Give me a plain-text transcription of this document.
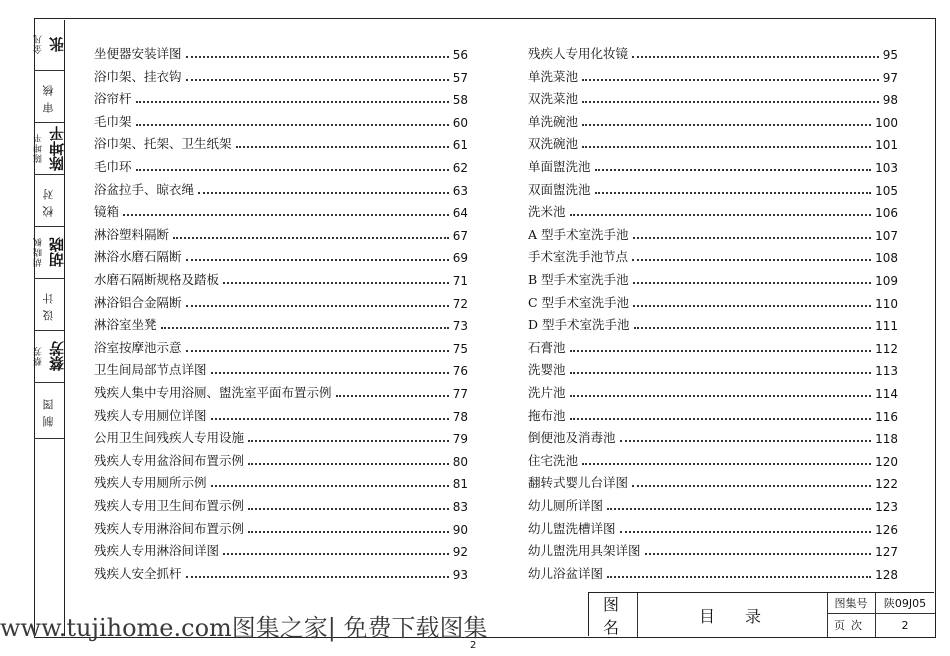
金凡 张
审核
陈坤平 陈坤平
校对
胡晓枫 胡晓
设计
蔡芳 蔡芳
制图
坐便器安装详图	56
浴巾架、挂衣钩	57
浴帘杆	58
毛巾架	60
浴巾架、托架、卫生纸架	61
毛巾环	62
浴盆拉手、晾衣绳	63
镜箱	64
淋浴塑料隔断	67
淋浴水磨石隔断	69
水磨石隔断规格及踏板	71
淋浴铝合金隔断	72
淋浴室坐凳	73
浴室按摩池示意	75
卫生间局部节点详图	76
残疾人集中专用浴厕、盥洗室平面布置示例	77
残疾人专用厕位详图	78
公用卫生间残疾人专用设施	79
残疾人专用盆浴间布置示例	80
残疾人专用厕所示例	81
残疾人专用卫生间布置示例	83
残疾人专用淋浴间布置示例	90
残疾人专用淋浴间详图	92
残疾人安全抓杆	93
残疾人专用化妆镜	95
单洗菜池	97
双洗菜池	98
单洗碗池	100
双洗碗池	101
单面盥洗池	103
双面盥洗池	105
洗米池	106
A 型手术室洗手池	107
手术室洗手池节点	108
B 型手术室洗手池	109
C 型手术室洗手池	110
D 型手术室洗手池	111
石膏池	112
洗婴池	113
洗片池	114
拖布池	116
倒便池及消毒池	118
住宅洗池	120
翻转式婴儿台详图	122
幼儿厕所详图	123
幼儿盥洗槽详图	126
幼儿盥洗用具架详图	127
幼儿浴盆详图	128
图名
目录
图集号	陕09J05
页次	2
www.tujihome.com图集之家| 免费下载图集
2
